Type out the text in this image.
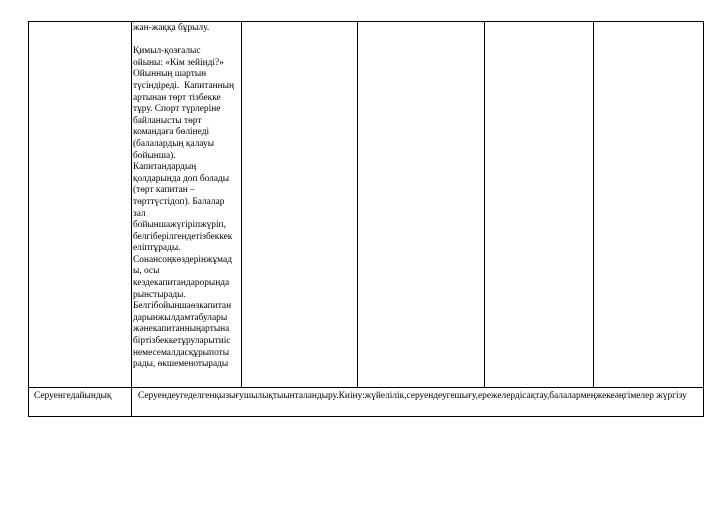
жан-жаққа бұрылу.

Қимыл-қозғалыс
ойыны: «Кім зейінді?»
Ойынның шартын
түсіндіреді.  Капитанның
артынан төрт тізбекке
тұру. Спорт түрлеріне
байланысты төрт
командаға бөлінеді
(балалардың қалауы
бойынша).
Капитандардың
қолдарында доп болады
(төрт капитан –
төрттүстідоп). Балалар
зал
бойыншажүгіріпжүріп,
белгіберілгендетізбеккек
еліптұрады.
Сонансоңкөздерінжұмад
ы, осы
кездекапитандарорында
рынстырады.
Белгібойыншаөзкапитан
дарынжылдамтабулары
жәнекапитанныңартына
біртізбеккетұруларытиіс
немесемалдасқұрыпоты
рады, өкшеменотырады
Серуенгедайындық	Серуендеугеделгенқызығушылықтыынталандыру.Киіну:жүйелілік,серуендеугешығу,ережелердісақтау,балалармеңжекеәңгімелер жүргізу
